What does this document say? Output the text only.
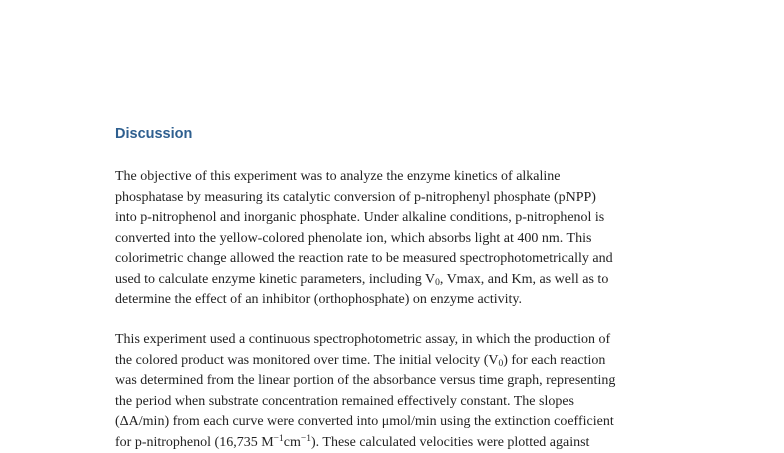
Discussion

The objective of this experiment was to analyze the enzyme kinetics of alkaline
phosphatase by measuring its catalytic conversion of p-nitrophenyl phosphate (pNPP)
into p-nitrophenol and inorganic phosphate. Under alkaline conditions, p-nitrophenol is
converted into the yellow-colored phenolate ion, which absorbs light at 400 nm. This
colorimetric change allowed the reaction rate to be measured spectrophotometrically and
used to calculate enzyme kinetic parameters, including $V_0$, Vmax, and Km, as well as to
determine the effect of an inhibitor (orthophosphate) on enzyme activity.

This experiment used a continuous spectrophotometric assay, in which the production of
the colored product was monitored over time. The initial velocity $(V_0)$ for each reaction
was determined from the linear portion of the absorbance versus time graph, representing
the period when substrate concentration remained effectively constant. The slopes
(ΔA/min) from each curve were converted into μmol/min using the extinction coefficient
for p-nitrophenol (16,735 $M^{-1}cm^{-1}$). These calculated velocities were plotted against
